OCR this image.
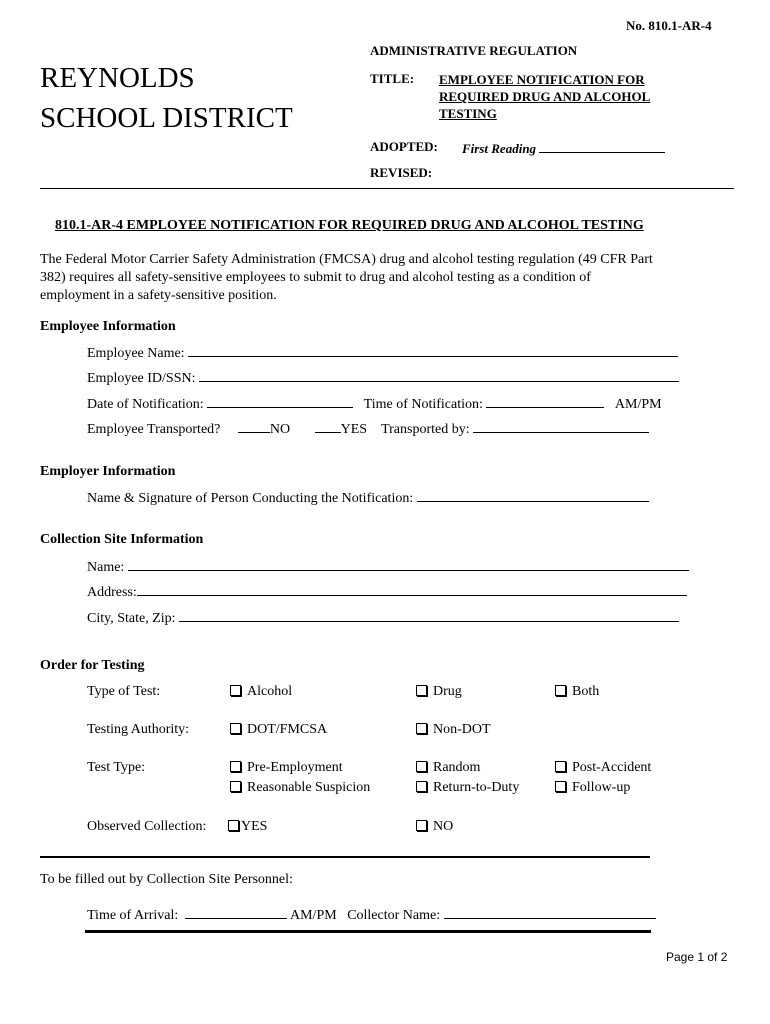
No. 810.1-AR-4
REYNOLDS
SCHOOL DISTRICT
ADMINISTRATIVE REGULATION
TITLE: EMPLOYEE NOTIFICATION FOR
REQUIRED DRUG AND ALCOHOL
TESTING
ADOPTED: First Reading
REVISED:
810.1-AR-4 EMPLOYEE NOTIFICATION FOR REQUIRED DRUG AND ALCOHOL TESTING
The Federal Motor Carrier Safety Administration (FMCSA) drug and alcohol testing regulation (49 CFR Part
382) requires all safety-sensitive employees to submit to drug and alcohol testing as a condition of
employment in a safety-sensitive position.
Employee Information
Employee Name:
Employee ID/SSN:
Date of Notification:	Time of Notification:	AM/PM
Employee Transported?	NO	YES Transported by:
Employer Information
Name & Signature of Person Conducting the Notification:
Collection Site Information
Name:
Address:
City, State, Zip:
Order for Testing
Type of Test:	Alcohol	Drug	Both
Testing Authority:	DOT/FMCSA	Non-DOT
Test Type:	Pre-Employment	Random	Post-Accident
Reasonable Suspicion	Return-to-Duty	Follow-up
Observed Collection:	YES	NO
To be filled out by Collection Site Personnel:
Time of Arrival:	AM/PM Collector Name:
Page 1 of 2
